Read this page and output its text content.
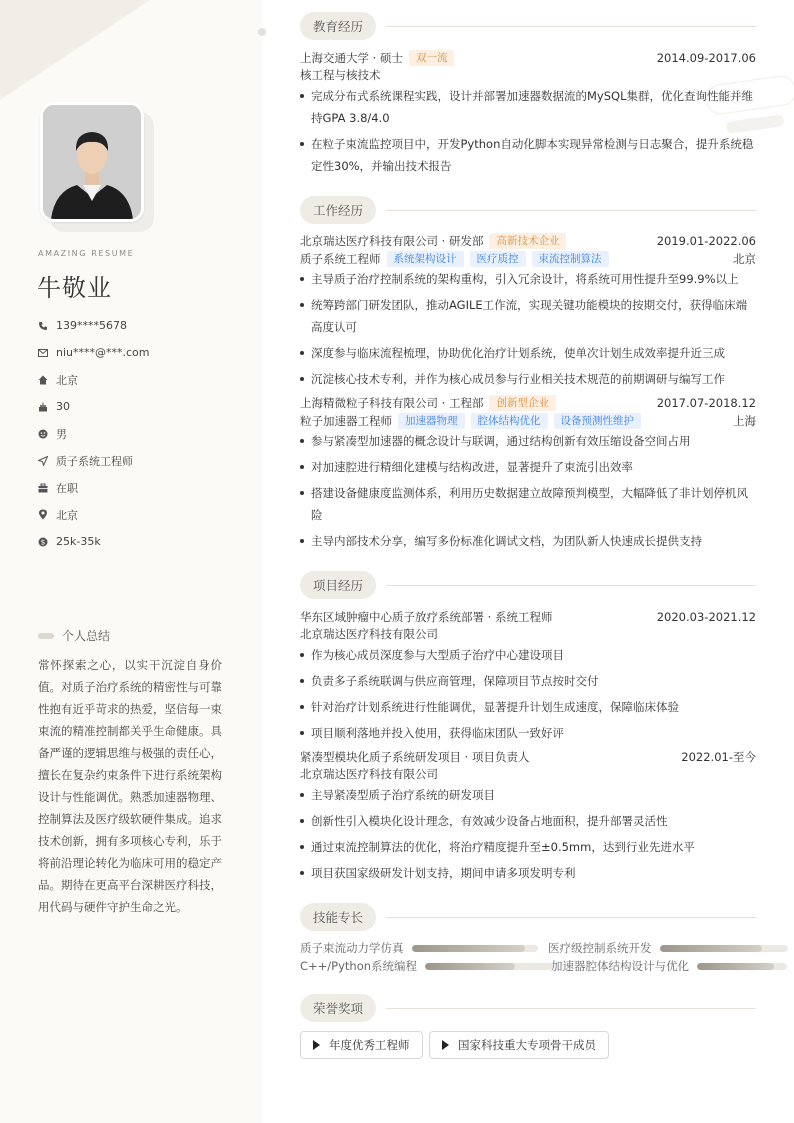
AMAZING RESUME
牛敬业
139****5678
niu****@***.com
北京
30
男
质子系统工程师
在职
北京
$ 25k-35k
个人总结
常怀探索之心，以实干沉淀自身价值。对质子治疗系统的精密性与可靠性抱有近乎苛求的热爱，坚信每一束束流的精准控制都关乎生命健康。具备严谨的逻辑思维与极强的责任心，擅长在复杂约束条件下进行系统架构设计与性能调优。熟悉加速器物理、控制算法及医疗级软硬件集成。追求技术创新，拥有多项核心专利，乐于将前沿理论转化为临床可用的稳定产品。期待在更高平台深耕医疗科技，用代码与硬件守护生命之光。
教育经历
上海交通大学 · 硕士	双一流	2014.09-2017.06
核工程与核技术
完成分布式系统课程实践，设计并部署加速器数据流的MySQL集群，优化查询性能并维持GPA 3.8/4.0
在粒子束流监控项目中，开发Python自动化脚本实现异常检测与日志聚合，提升系统稳定性30%，并输出技术报告
工作经历
北京瑞达医疗科技有限公司 · 研发部	高新技术企业	2019.01-2022.06
质子系统工程师	系统架构设计	医疗质控	束流控制算法	北京
主导质子治疗控制系统的架构重构，引入冗余设计，将系统可用性提升至99.9%以上
统筹跨部门研发团队，推动AGILE工作流，实现关键功能模块的按期交付，获得临床端高度认可
深度参与临床流程梳理，协助优化治疗计划系统，使单次计划生成效率提升近三成
沉淀核心技术专利，并作为核心成员参与行业相关技术规范的前期调研与编写工作
上海精微粒子科技有限公司 · 工程部	创新型企业	2017.07-2018.12
粒子加速器工程师	加速器物理	腔体结构优化	设备预测性维护	上海
参与紧凑型加速器的概念设计与联调，通过结构创新有效压缩设备空间占用
对加速腔进行精细化建模与结构改进，显著提升了束流引出效率
搭建设备健康度监测体系，利用历史数据建立故障预判模型，大幅降低了非计划停机风险
主导内部技术分享，编写多份标准化调试文档，为团队新人快速成长提供支持
项目经历
华东区域肿瘤中心质子放疗系统部署 · 系统工程师	2020.03-2021.12
北京瑞达医疗科技有限公司
作为核心成员深度参与大型质子治疗中心建设项目
负责多子系统联调与供应商管理，保障项目节点按时交付
针对治疗计划系统进行性能调优，显著提升计划生成速度，保障临床体验
项目顺利落地并投入使用，获得临床团队一致好评
紧凑型模块化质子系统研发项目 · 项目负责人	2022.01-至今
北京瑞达医疗科技有限公司
主导紧凑型质子治疗系统的研发项目
创新性引入模块化设计理念，有效减少设备占地面积，提升部署灵活性
通过束流控制算法的优化，将治疗精度提升至±0.5mm，达到行业先进水平
项目获国家级研发计划支持，期间申请多项发明专利
技能专长
质子束流动力学仿真	医疗级控制系统开发
C++/Python系统编程	加速器腔体结构设计与优化
荣誉奖项
年度优秀工程师	国家科技重大专项骨干成员
